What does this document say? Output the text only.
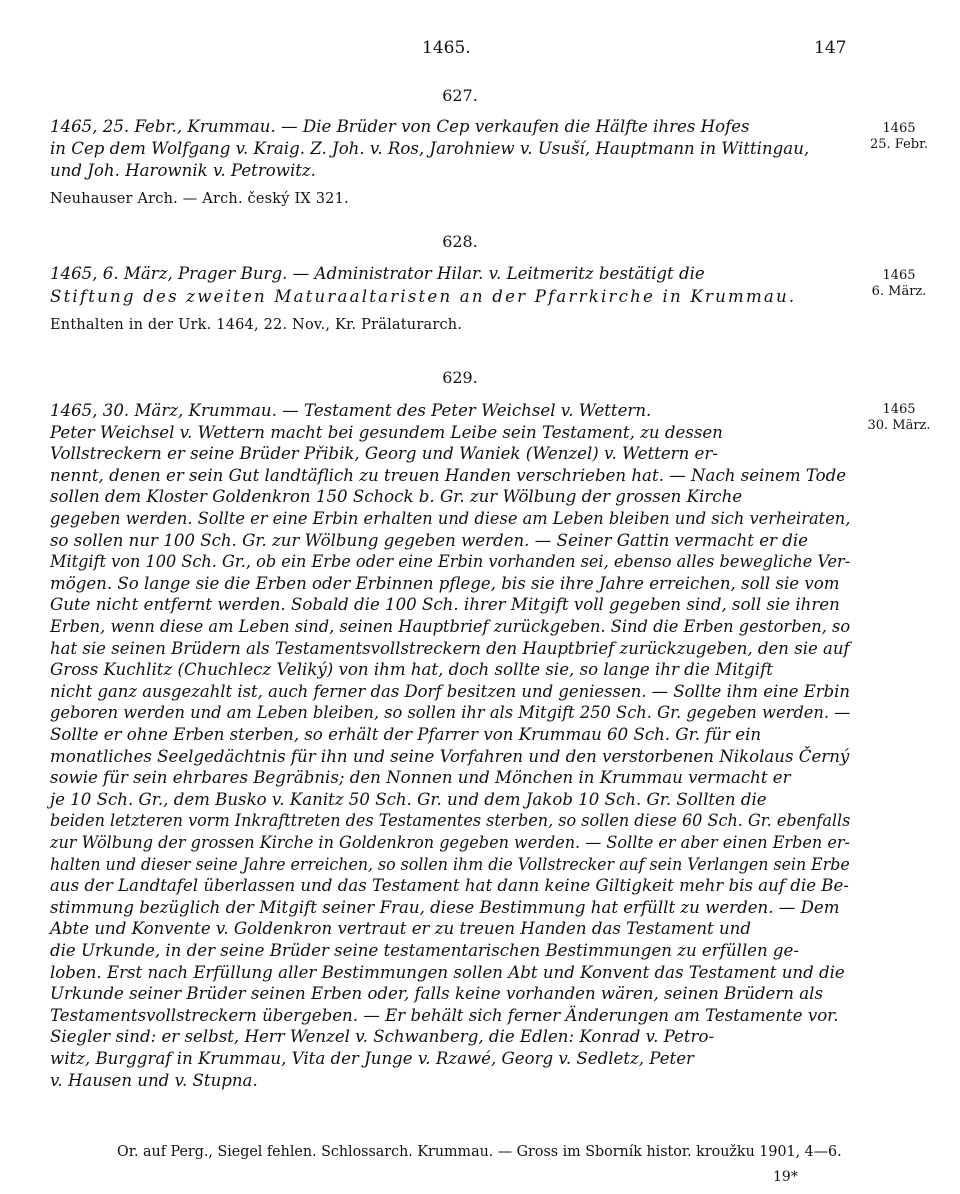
1465.	147
627.
1465, 25. Febr., Krummau. — Die Brüder von Cep verkaufen die Hälfte ihres Hofes
in Cep dem Wolfgang v. Kraig. Z. Joh. v. Ros, Jarohniew v. Usuší, Hauptmann in Wittingau,
und Joh. Harownik v. Petrowitz.
Neuhauser Arch. — Arch. český IX 321.
1465
25. Febr.
628.
1465, 6. März, Prager Burg. — Administrator Hilar. v. Leitmeritz bestätigt die
Stiftung des zweiten Maturaaltaristen an der Pfarrkirche in Krummau.
Enthalten in der Urk. 1464, 22. Nov., Kr. Prälaturarch.
1465
6. März.
629.
1465, 30. März, Krummau. — Testament des Peter Weichsel v. Wettern.
Peter Weichsel v. Wettern macht bei gesundem Leibe sein Testament, zu dessen
Vollstreckern er seine Brüder Přibik, Georg und Waniek (Wenzel) v. Wettern er-
nennt, denen er sein Gut landtäflich zu treuen Handen verschrieben hat. — Nach seinem Tode
sollen dem Kloster Goldenkron 150 Schock b. Gr. zur Wölbung der grossen Kirche
gegeben werden. Sollte er eine Erbin erhalten und diese am Leben bleiben und sich verheiraten,
so sollen nur 100 Sch. Gr. zur Wölbung gegeben werden. — Seiner Gattin vermacht er die
Mitgift von 100 Sch. Gr., ob ein Erbe oder eine Erbin vorhanden sei, ebenso alles bewegliche Ver-
mögen. So lange sie die Erben oder Erbinnen pflege, bis sie ihre Jahre erreichen, soll sie vom
Gute nicht entfernt werden. Sobald die 100 Sch. ihrer Mitgift voll gegeben sind, soll sie ihren
Erben, wenn diese am Leben sind, seinen Hauptbrief zurückgeben. Sind die Erben gestorben, so
hat sie seinen Brüdern als Testamentsvollstreckern den Hauptbrief zurückzugeben, den sie auf
Gross Kuchlitz (Chuchlecz Veliký) von ihm hat, doch sollte sie, so lange ihr die Mitgift
nicht ganz ausgezahlt ist, auch ferner das Dorf besitzen und geniessen. — Sollte ihm eine Erbin
geboren werden und am Leben bleiben, so sollen ihr als Mitgift 250 Sch. Gr. gegeben werden. —
Sollte er ohne Erben sterben, so erhält der Pfarrer von Krummau 60 Sch. Gr. für ein
monatliches Seelgedächtnis für ihn und seine Vorfahren und den verstorbenen Nikolaus Černý
sowie für sein ehrbares Begräbnis; den Nonnen und Mönchen in Krummau vermacht er
je 10 Sch. Gr., dem Busko v. Kanitz 50 Sch. Gr. und dem Jakob 10 Sch. Gr. Sollten die
beiden letzteren vorm Inkrafttreten des Testamentes sterben, so sollen diese 60 Sch. Gr. ebenfalls
zur Wölbung der grossen Kirche in Goldenkron gegeben werden. — Sollte er aber einen Erben er-
halten und dieser seine Jahre erreichen, so sollen ihm die Vollstrecker auf sein Verlangen sein Erbe
aus der Landtafel überlassen und das Testament hat dann keine Giltigkeit mehr bis auf die Be-
stimmung bezüglich der Mitgift seiner Frau, diese Bestimmung hat erfüllt zu werden. — Dem
Abte und Konvente v. Goldenkron vertraut er zu treuen Handen das Testament und
die Urkunde, in der seine Brüder seine testamentarischen Bestimmungen zu erfüllen ge-
loben. Erst nach Erfüllung aller Bestimmungen sollen Abt und Konvent das Testament und die
Urkunde seiner Brüder seinen Erben oder, falls keine vorhanden wären, seinen Brüdern als
Testamentsvollstreckern übergeben. — Er behält sich ferner Änderungen am Testamente vor.
Siegler sind: er selbst, Herr Wenzel v. Schwanberg, die Edlen: Konrad v. Petro-
witz, Burggraf in Krummau, Vita der Junge v. Rzawé, Georg v. Sedletz, Peter
v. Hausen und v. Stupna.
1465
30. März.
Or. auf Perg., Siegel fehlen. Schlossarch. Krummau. — Gross im Sborník histor. kroužku 1901, 4—6.
19*
